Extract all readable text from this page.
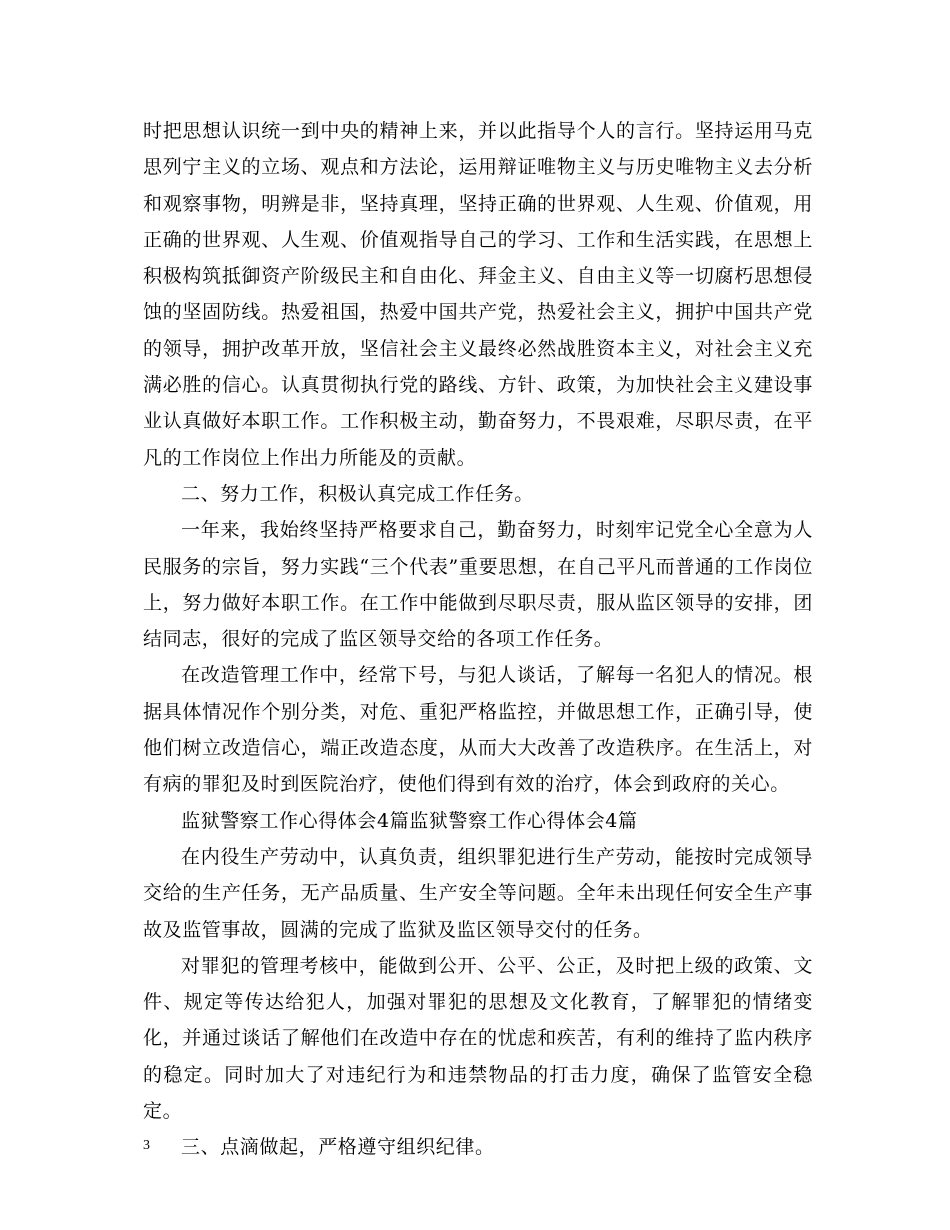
时把思想认识统一到中央的精神上来，并以此指导个人的言行。坚持运用马克思列宁主义的立场、观点和方法论，运用辩证唯物主义与历史唯物主义去分析和观察事物，明辨是非，坚持真理，坚持正确的世界观、人生观、价值观，用正确的世界观、人生观、价值观指导自己的学习、工作和生活实践，在思想上积极构筑抵御资产阶级民主和自由化、拜金主义、自由主义等一切腐朽思想侵蚀的坚固防线。热爱祖国，热爱中国共产党，热爱社会主义，拥护中国共产党的领导，拥护改革开放，坚信社会主义最终必然战胜资本主义，对社会主义充满必胜的信心。认真贯彻执行党的路线、方针、政策，为加快社会主义建设事业认真做好本职工作。工作积极主动，勤奋努力，不畏艰难，尽职尽责，在平凡的工作岗位上作出力所能及的贡献。

二、努力工作，积极认真完成工作任务。

一年来，我始终坚持严格要求自己，勤奋努力，时刻牢记党全心全意为人民服务的宗旨，努力实践“三个代表”重要思想，在自己平凡而普通的工作岗位上，努力做好本职工作。在工作中能做到尽职尽责，服从监区领导的安排，团结同志，很好的完成了监区领导交给的各项工作任务。

在改造管理工作中，经常下号，与犯人谈话，了解每一名犯人的情况。根据具体情况作个别分类，对危、重犯严格监控，并做思想工作，正确引导，使他们树立改造信心，端正改造态度，从而大大改善了改造秩序。在生活上，对有病的罪犯及时到医院治疗，使他们得到有效的治疗，体会到政府的关心。

监狱警察工作心得体会4篇监狱警察工作心得体会4篇

在内役生产劳动中，认真负责，组织罪犯进行生产劳动，能按时完成领导交给的生产任务，无产品质量、生产安全等问题。全年未出现任何安全生产事故及监管事故，圆满的完成了监狱及监区领导交付的任务。

对罪犯的管理考核中，能做到公开、公平、公正，及时把上级的政策、文件、规定等传达给犯人，加强对罪犯的思想及文化教育，了解罪犯的情绪变化，并通过谈话了解他们在改造中存在的忧虑和疾苦，有利的维持了监内秩序的稳定。同时加大了对违纪行为和违禁物品的打击力度，确保了监管安全稳定。

三、点滴做起，严格遵守组织纪律。

3
